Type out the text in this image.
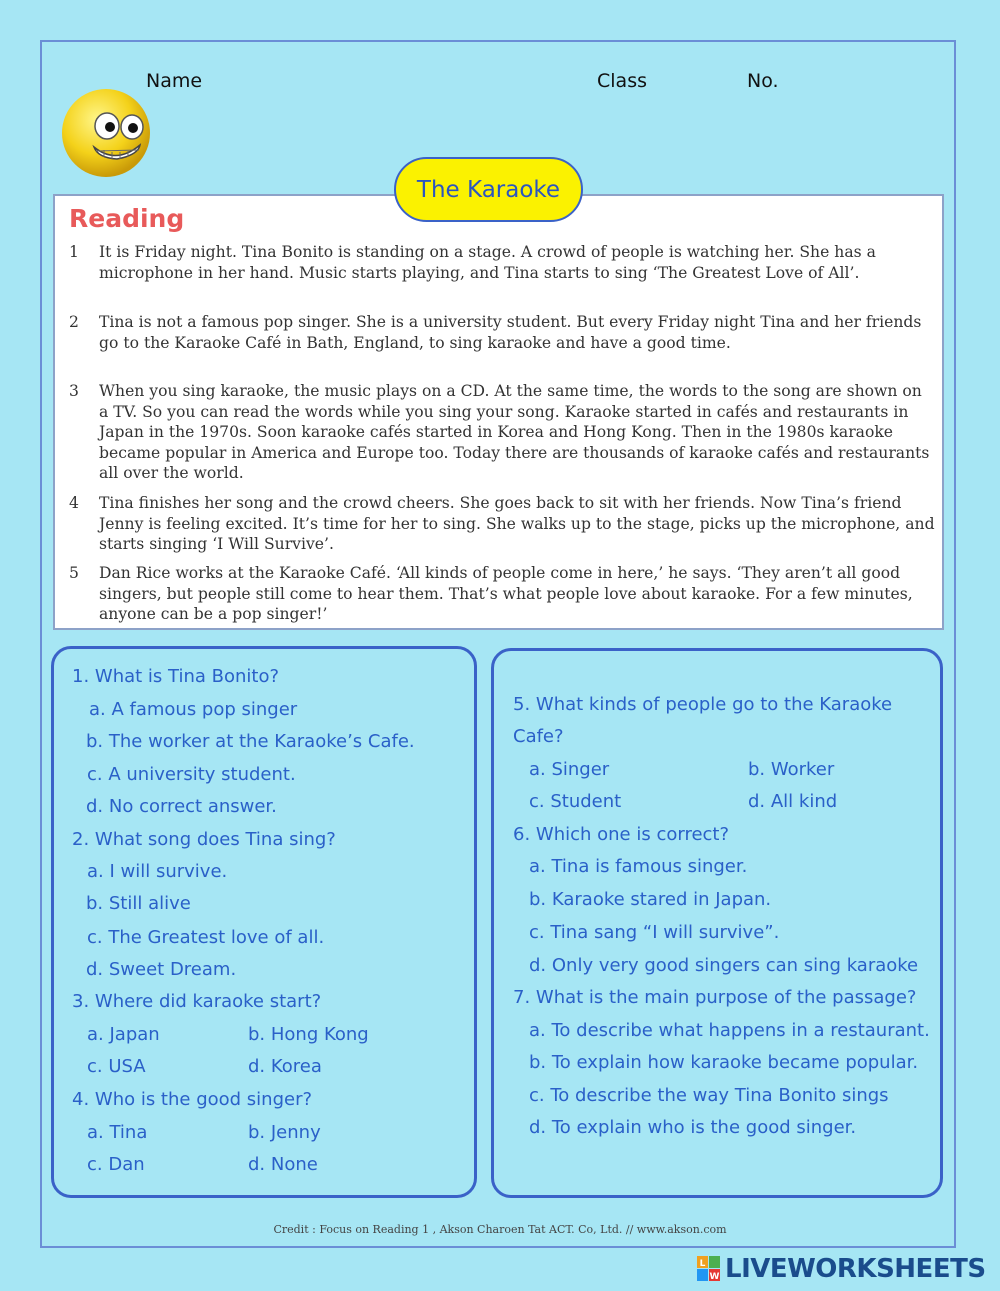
Name	Class	No.
The Karaoke
Reading
1 It is Friday night. Tina Bonito is standing on a stage. A crowd of people is watching her. She has a microphone in her hand. Music starts playing, and Tina starts to sing ‘The Greatest Love of All’.
2 Tina is not a famous pop singer. She is a university student. But every Friday night Tina and her friends go to the Karaoke Café in Bath, England, to sing karaoke and have a good time.
3 When you sing karaoke, the music plays on a CD. At the same time, the words to the song are shown on a TV. So you can read the words while you sing your song. Karaoke started in cafés and restaurants in Japan in the 1970s. Soon karaoke cafés started in Korea and Hong Kong. Then in the 1980s karaoke became popular in America and Europe too. Today there are thousands of karaoke cafés and restaurants all over the world.
4 Tina finishes her song and the crowd cheers. She goes back to sit with her friends. Now Tina’s friend Jenny is feeling excited. It’s time for her to sing. She walks up to the stage, picks up the microphone, and starts singing ‘I Will Survive’.
5 Dan Rice works at the Karaoke Café. ‘All kinds of people come in here,’ he says. ‘They aren’t all good singers, but people still come to hear them. That’s what people love about karaoke. For a few minutes, anyone can be a pop singer!’
1. What is Tina Bonito?
a. A famous pop singer
b. The worker at the Karaoke’s Cafe.
c. A university student.
d. No correct answer.
2. What song does Tina sing?
a. I will survive.
b. Still alive
c. The Greatest love of all.
d. Sweet Dream.
3. Where did karaoke start?
a. Japan	b. Hong Kong
c. USA	d. Korea
4. Who is the good singer?
a. Tina	b. Jenny
c. Dan	d. None
5. What kinds of people go to the Karaoke
Cafe?
a. Singer	b. Worker
c. Student	d. All kind
6. Which one is correct?
a. Tina is famous singer.
b. Karaoke stared in Japan.
c. Tina sang “I will survive”.
d. Only very good singers can sing karaoke
7. What is the main purpose of the passage?
a. To describe what happens in a restaurant.
b. To explain how karaoke became popular.
c. To describe the way Tina Bonito sings
d. To explain who is the good singer.
Credit : Focus on Reading 1 , Akson Charoen Tat ACT. Co, Ltd. // www.akson.com
L
W LIVEWORKSHEETS
